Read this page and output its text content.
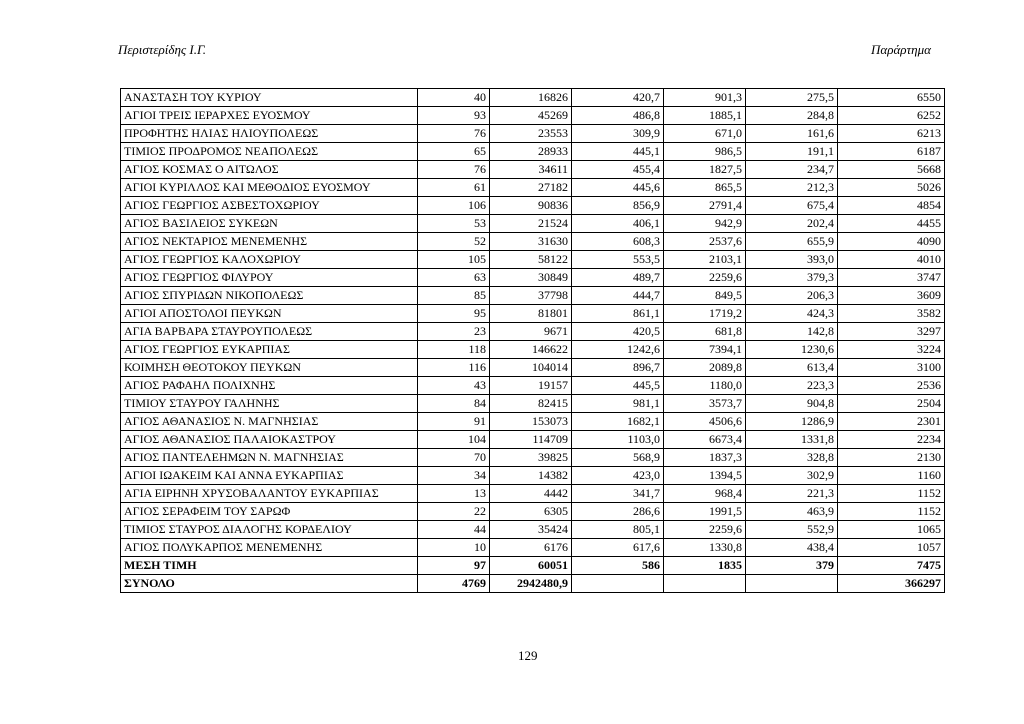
Περιστερίδης Ι.Γ.	Παράρτημα
ΑΝΑΣΤΑΣΗ ΤΟΥ ΚΥΡΙΟΥ	40	16826	420,7	901,3	275,5	6550
ΑΓΙΟΙ ΤΡΕΙΣ ΙΕΡΑΡΧΕΣ ΕΥΟΣΜΟΥ	93	45269	486,8	1885,1	284,8	6252
ΠΡΟΦΗΤΗΣ ΗΛΙΑΣ ΗΛΙΟΥΠΟΛΕΩΣ	76	23553	309,9	671,0	161,6	6213
ΤΙΜΙΟΣ ΠΡΟΔΡΟΜΟΣ ΝΕΑΠΟΛΕΩΣ	65	28933	445,1	986,5	191,1	6187
ΑΓΙΟΣ ΚΟΣΜΑΣ Ο ΑΙΤΩΛΟΣ	76	34611	455,4	1827,5	234,7	5668
ΑΓΙΟΙ ΚΥΡΙΛΛΟΣ ΚΑΙ ΜΕΘΟΔΙΟΣ ΕΥΟΣΜΟΥ	61	27182	445,6	865,5	212,3	5026
ΑΓΙΟΣ ΓΕΩΡΓΙΟΣ ΑΣΒΕΣΤΟΧΩΡΙΟΥ	106	90836	856,9	2791,4	675,4	4854
ΑΓΙΟΣ ΒΑΣΙΛΕΙΟΣ ΣΥΚΕΩΝ	53	21524	406,1	942,9	202,4	4455
ΑΓΙΟΣ ΝΕΚΤΑΡΙΟΣ ΜΕΝΕΜΕΝΗΣ	52	31630	608,3	2537,6	655,9	4090
ΑΓΙΟΣ ΓΕΩΡΓΙΟΣ ΚΑΛΟΧΩΡΙΟΥ	105	58122	553,5	2103,1	393,0	4010
ΑΓΙΟΣ ΓΕΩΡΓΙΟΣ ΦΙΛΥΡΟΥ	63	30849	489,7	2259,6	379,3	3747
ΑΓΙΟΣ ΣΠΥΡΙΔΩΝ ΝΙΚΟΠΟΛΕΩΣ	85	37798	444,7	849,5	206,3	3609
ΑΓΙΟΙ ΑΠΟΣΤΟΛΟΙ ΠΕΥΚΩΝ	95	81801	861,1	1719,2	424,3	3582
ΑΓΙΑ ΒΑΡΒΑΡΑ ΣΤΑΥΡΟΥΠΟΛΕΩΣ	23	9671	420,5	681,8	142,8	3297
ΑΓΙΟΣ ΓΕΩΡΓΙΟΣ ΕΥΚΑΡΠΙΑΣ	118	146622	1242,6	7394,1	1230,6	3224
ΚΟΙΜΗΣΗ ΘΕΟΤΟΚΟΥ ΠΕΥΚΩΝ	116	104014	896,7	2089,8	613,4	3100
ΑΓΙΟΣ ΡΑΦΑΗΛ ΠΟΛΙΧΝΗΣ	43	19157	445,5	1180,0	223,3	2536
ΤΙΜΙΟΥ ΣΤΑΥΡΟΥ ΓΑΛΗΝΗΣ	84	82415	981,1	3573,7	904,8	2504
ΑΓΙΟΣ ΑΘΑΝΑΣΙΟΣ Ν. ΜΑΓΝΗΣΙΑΣ	91	153073	1682,1	4506,6	1286,9	2301
ΑΓΙΟΣ ΑΘΑΝΑΣΙΟΣ ΠΑΛΑΙΟΚΑΣΤΡΟΥ	104	114709	1103,0	6673,4	1331,8	2234
ΑΓΙΟΣ ΠΑΝΤΕΛΕΗΜΩΝ Ν. ΜΑΓΝΗΣΙΑΣ	70	39825	568,9	1837,3	328,8	2130
ΑΓΙΟΙ ΙΩΑΚΕΙΜ ΚΑΙ ΑΝΝΑ ΕΥΚΑΡΠΙΑΣ	34	14382	423,0	1394,5	302,9	1160
ΑΓΙΑ ΕΙΡΗΝΗ ΧΡΥΣΟΒΑΛΑΝΤΟΥ ΕΥΚΑΡΠΙΑΣ	13	4442	341,7	968,4	221,3	1152
ΑΓΙΟΣ ΣΕΡΑΦΕΙΜ ΤΟΥ ΣΑΡΩΦ	22	6305	286,6	1991,5	463,9	1152
ΤΙΜΙΟΣ ΣΤΑΥΡΟΣ ΔΙΑΛΟΓΗΣ ΚΟΡΔΕΛΙΟΥ	44	35424	805,1	2259,6	552,9	1065
ΑΓΙΟΣ ΠΟΛΥΚΑΡΠΟΣ ΜΕΝΕΜΕΝΗΣ	10	6176	617,6	1330,8	438,4	1057
ΜΕΣΗ ΤΙΜΗ	97	60051	586	1835	379	7475
ΣΥΝΟΛΟ	4769	2942480,9				366297
129
